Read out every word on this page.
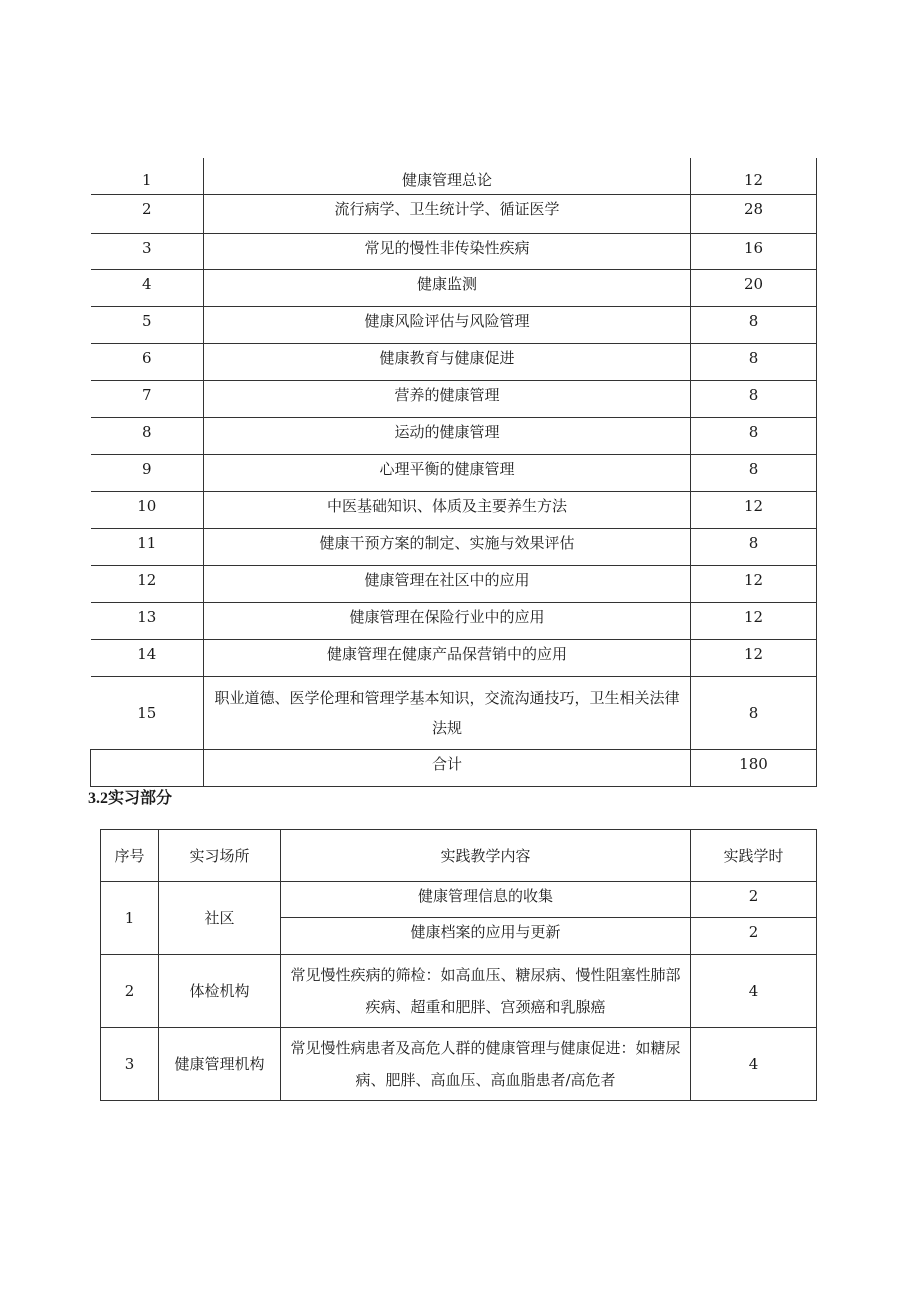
1	健康管理总论	12
2	流行病学、卫生统计学、循证医学	28
3	常见的慢性非传染性疾病	16
4	健康监测	20
5	健康风险评估与风险管理	8
6	健康教育与健康促进	8
7	营养的健康管理	8
8	运动的健康管理	8
9	心理平衡的健康管理	8
10	中医基础知识、体质及主要养生方法	12
11	健康干预方案的制定、实施与效果评估	8
12	健康管理在社区中的应用	12
13	健康管理在保险行业中的应用	12
14	健康管理在健康产品保营销中的应用	12
15	职业道德、医学伦理和管理学基本知识，交流沟通技巧，卫生相关法律法规	8
	合计	180
3.2实习部分
序号	实习场所	实践教学内容	实践学时
1	社区	健康管理信息的收集	2
		健康档案的应用与更新	2
2	体检机构	常见慢性疾病的筛检：如高血压、糖尿病、慢性阻塞性肺部疾病、超重和肥胖、宫颈癌和乳腺癌	4
3	健康管理机构	常见慢性病患者及高危人群的健康管理与健康促进：如糖尿病、肥胖、高血压、高血脂患者/高危者	4
